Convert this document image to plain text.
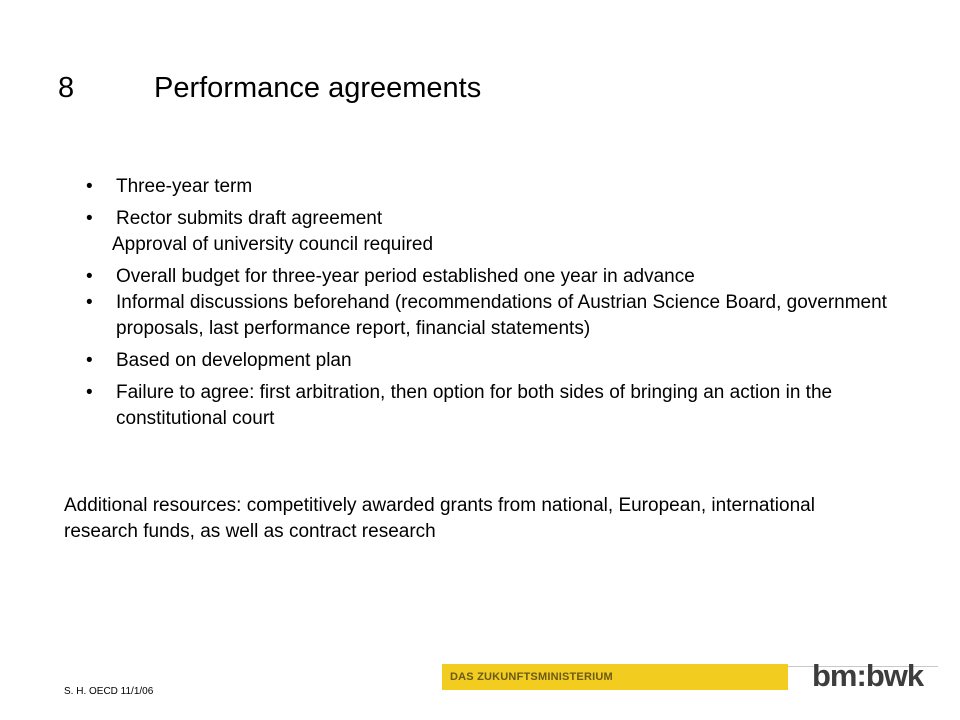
8	Performance agreements
• Three-year term
• Rector submits draft agreement
Approval of university council required
• Overall budget for three-year period established one year in advance
• Informal discussions beforehand (recommendations of Austrian Science Board, government proposals, last performance report, financial statements)
• Based on development plan
• Failure to agree: first arbitration, then option for both sides of bringing an action in the constitutional court
Additional resources: competitively awarded grants from national, European, international research funds, as well as contract research
S. H. OECD 11/1/06
DAS ZUKUNFTSMINISTERIUM	bm:bwk
